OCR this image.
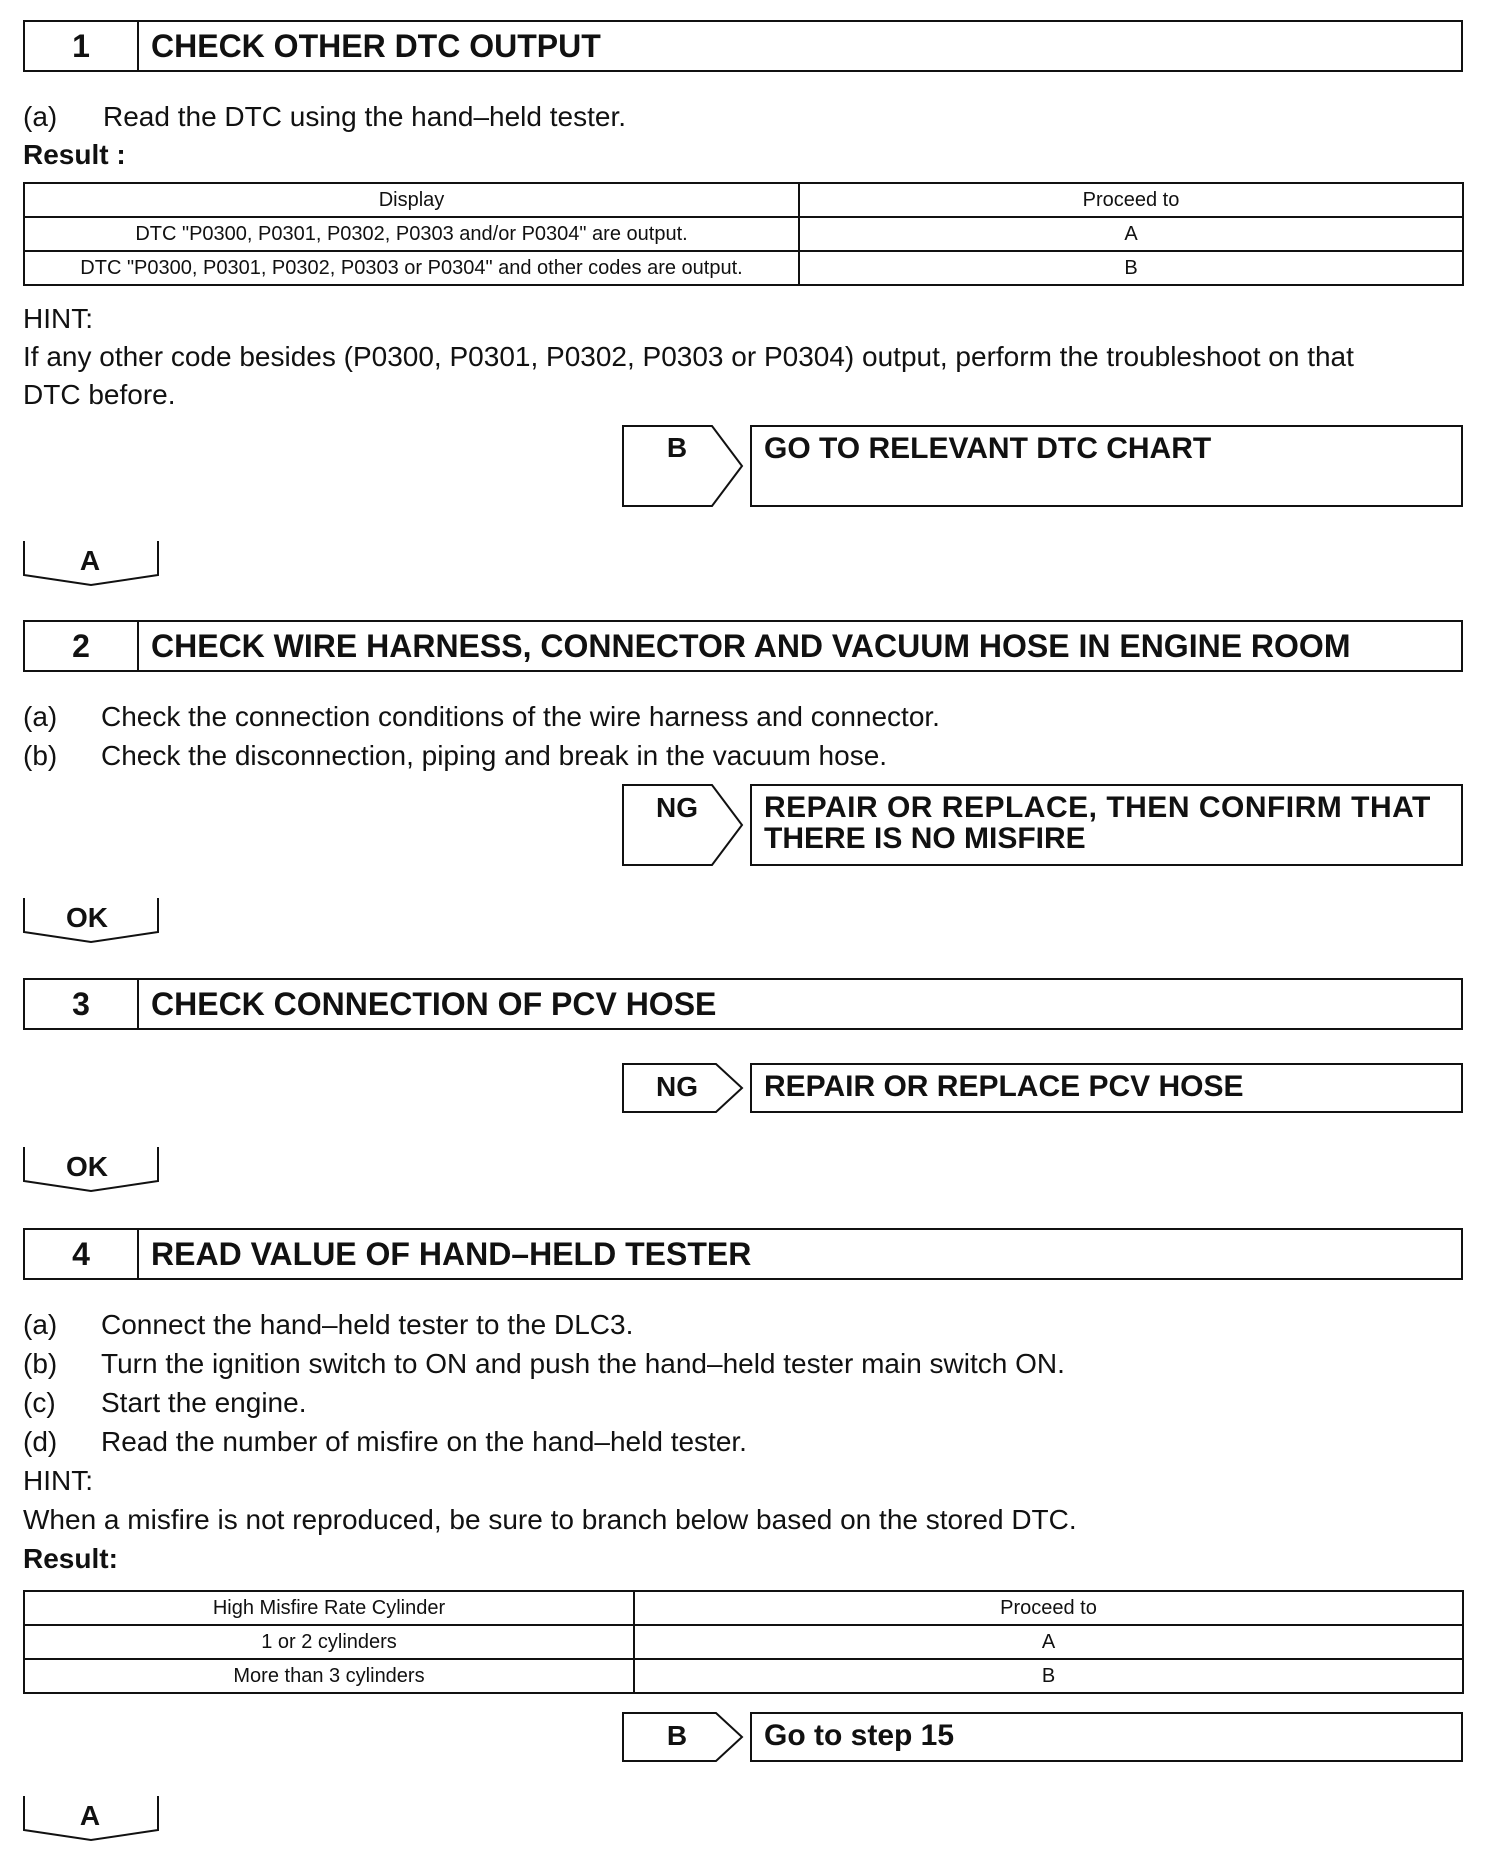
1	CHECK OTHER DTC OUTPUT
(a) Read the DTC using the hand–held tester.
Result :
Display	Proceed to
DTC "P0300, P0301, P0302, P0303 and/or P0304" are output.	A
DTC "P0300, P0301, P0302, P0303 or P0304" and other codes are output.	B
HINT:
If any other code besides (P0300, P0301, P0302, P0303 or P0304) output, perform the troubleshoot on that
DTC before.
B	GO TO RELEVANT DTC CHART
A
2	CHECK WIRE HARNESS, CONNECTOR AND VACUUM HOSE IN ENGINE ROOM
(a) Check the connection conditions of the wire harness and connector.
(b) Check the disconnection, piping and break in the vacuum hose.
NG	REPAIR OR REPLACE, THEN CONFIRM THAT
THERE IS NO MISFIRE
OK
3	CHECK CONNECTION OF PCV HOSE
NG	REPAIR OR REPLACE PCV HOSE
OK
4	READ VALUE OF HAND–HELD TESTER
(a) Connect the hand–held tester to the DLC3.
(b) Turn the ignition switch to ON and push the hand–held tester main switch ON.
(c) Start the engine.
(d) Read the number of misfire on the hand–held tester.
HINT:
When a misfire is not reproduced, be sure to branch below based on the stored DTC.
Result:
High Misfire Rate Cylinder	Proceed to
1 or 2 cylinders	A
More than 3 cylinders	B
B	Go to step 15
A
